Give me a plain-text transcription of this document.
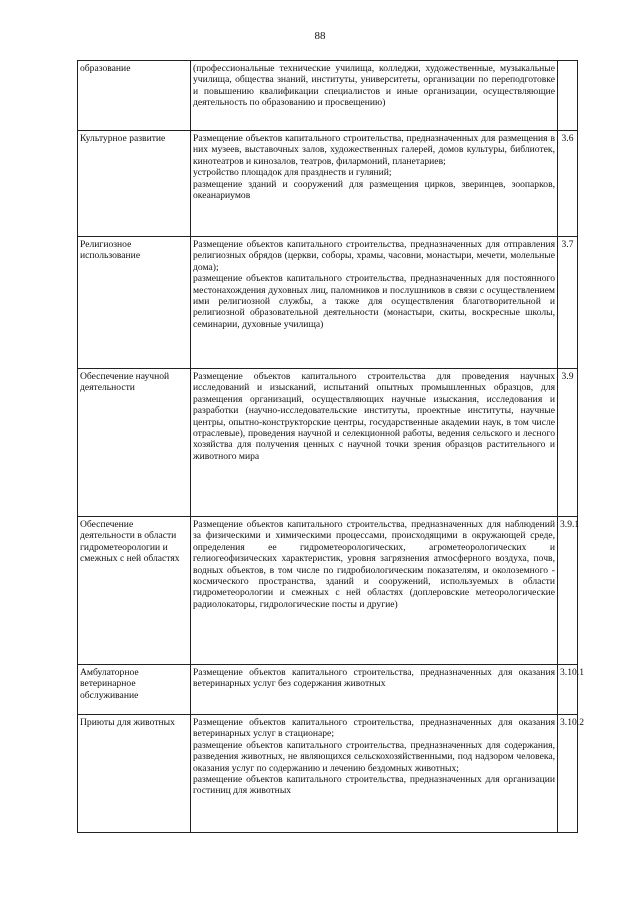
88
образование	(профессиональные технические училища, колледжи, художественные, музыкальные училища, общества знаний, институты, университеты, организации по переподготовке и повышению квалификации специалистов и иные организации, осуществляющие деятельность по образованию и просвещению)	

Культурное развитие	Размещение объектов капитального строительства, предназначенных для размещения в них музеев, выставочных залов, художественных галерей, домов культуры, библиотек, кинотеатров и кинозалов, театров, филармоний, планетариев;
устройство площадок для празднеств и гуляний;
размещение зданий и сооружений для размещения цирков, зверинцев, зоопарков, океанариумов	3.6
Религиозное использование	Размещение объектов капитального строительства, предназначенных для отправления религиозных обрядов (церкви, соборы, храмы, часовни, монастыри, мечети, молельные дома);
размещение объектов капитального строительства, предназначенных для постоянного местонахождения духовных лиц, паломников и послушников в связи с осуществлением ими религиозной службы, а также для осуществления благотворительной и религиозной образовательной деятельности (монастыри, скиты, воскресные школы, семинарии, духовные училища)	3.7
Обеспечение научной деятельности	Размещение объектов капитального строительства для проведения научных исследований и изысканий, испытаний опытных промышленных образцов, для размещения организаций, осуществляющих научные изыскания, исследования и разработки (научно-исследовательские институты, проектные институты, научные центры, опытно-конструкторские центры, государственные академии наук, в том числе отраслевые), проведения научной и селекционной работы, ведения сельского и лесного хозяйства для получения ценных с научной точки зрения образцов растительного и животного мира	3.9
Обеспечение деятельности в области гидрометеорологии и смежных с ней областях	Размещение объектов капитального строительства, предназначенных для наблюдений за физическими и химическими процессами, происходящими в окружающей среде, определения ее гидрометеорологических, агрометеорологических и гелиогеофизических характеристик, уровня загрязнения атмосферного воздуха, почв, водных объектов, в том числе по гидробиологическим показателям, и околоземного - космического пространства, зданий и сооружений, используемых в области гидрометеорологии и смежных с ней областях (доплеровские метеорологические радиолокаторы, гидрологические посты и другие)	3.9.1
Амбулаторное ветеринарное обслуживание	Размещение объектов капитального строительства, предназначенных для оказания ветеринарных услуг без содержания животных	3.10.1
Приюты для животных	Размещение объектов капитального строительства, предназначенных для оказания ветеринарных услуг в стационаре;
размещение объектов капитального строительства, предназначенных для содержания, разведения животных, не являющихся сельскохозяйственными, под надзором человека, оказания услуг по содержанию и лечению бездомных животных;
размещение объектов капитального строительства, предназначенных для организации гостиниц для животных	3.10.2
